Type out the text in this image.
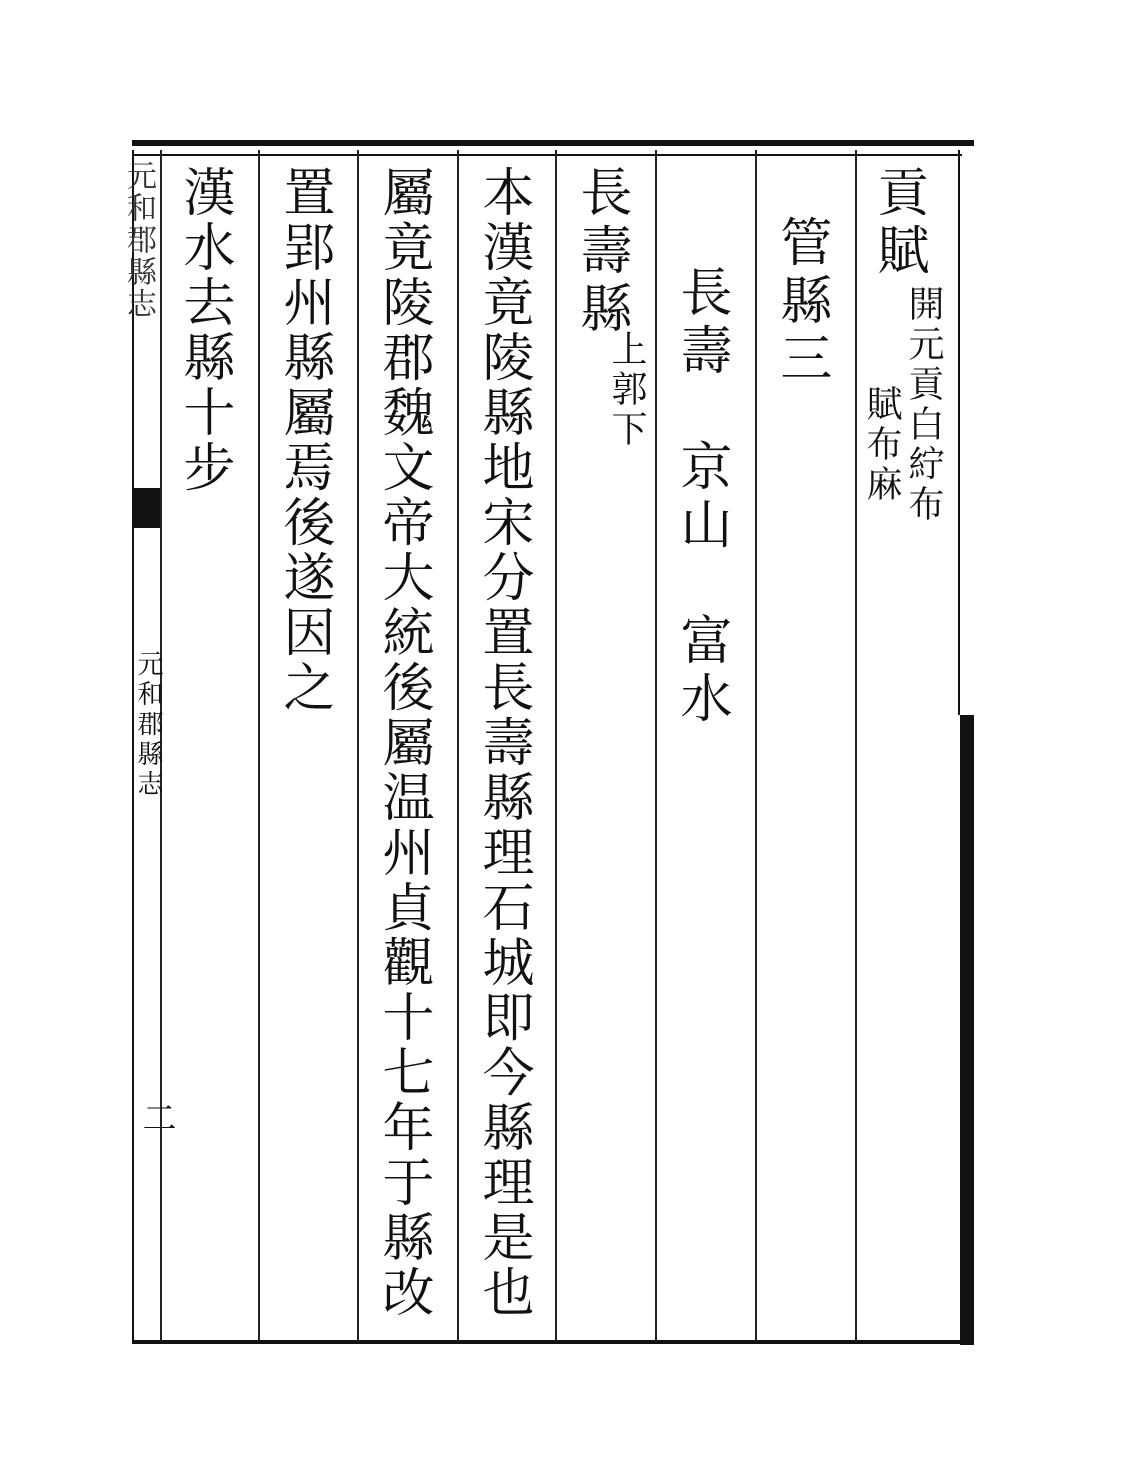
元和郡縣志
元和郡縣志
二
貢賦
開元貢白紵布
賦布麻
管縣三
長壽　京山　富水
長壽縣
上郭下
本漢竟陵縣地宋分置長壽縣理石城即今縣理是也
屬竟陵郡魏文帝大統後屬温州貞觀十七年于縣改
置郢州縣屬焉後遂因之
漢水去縣十步
